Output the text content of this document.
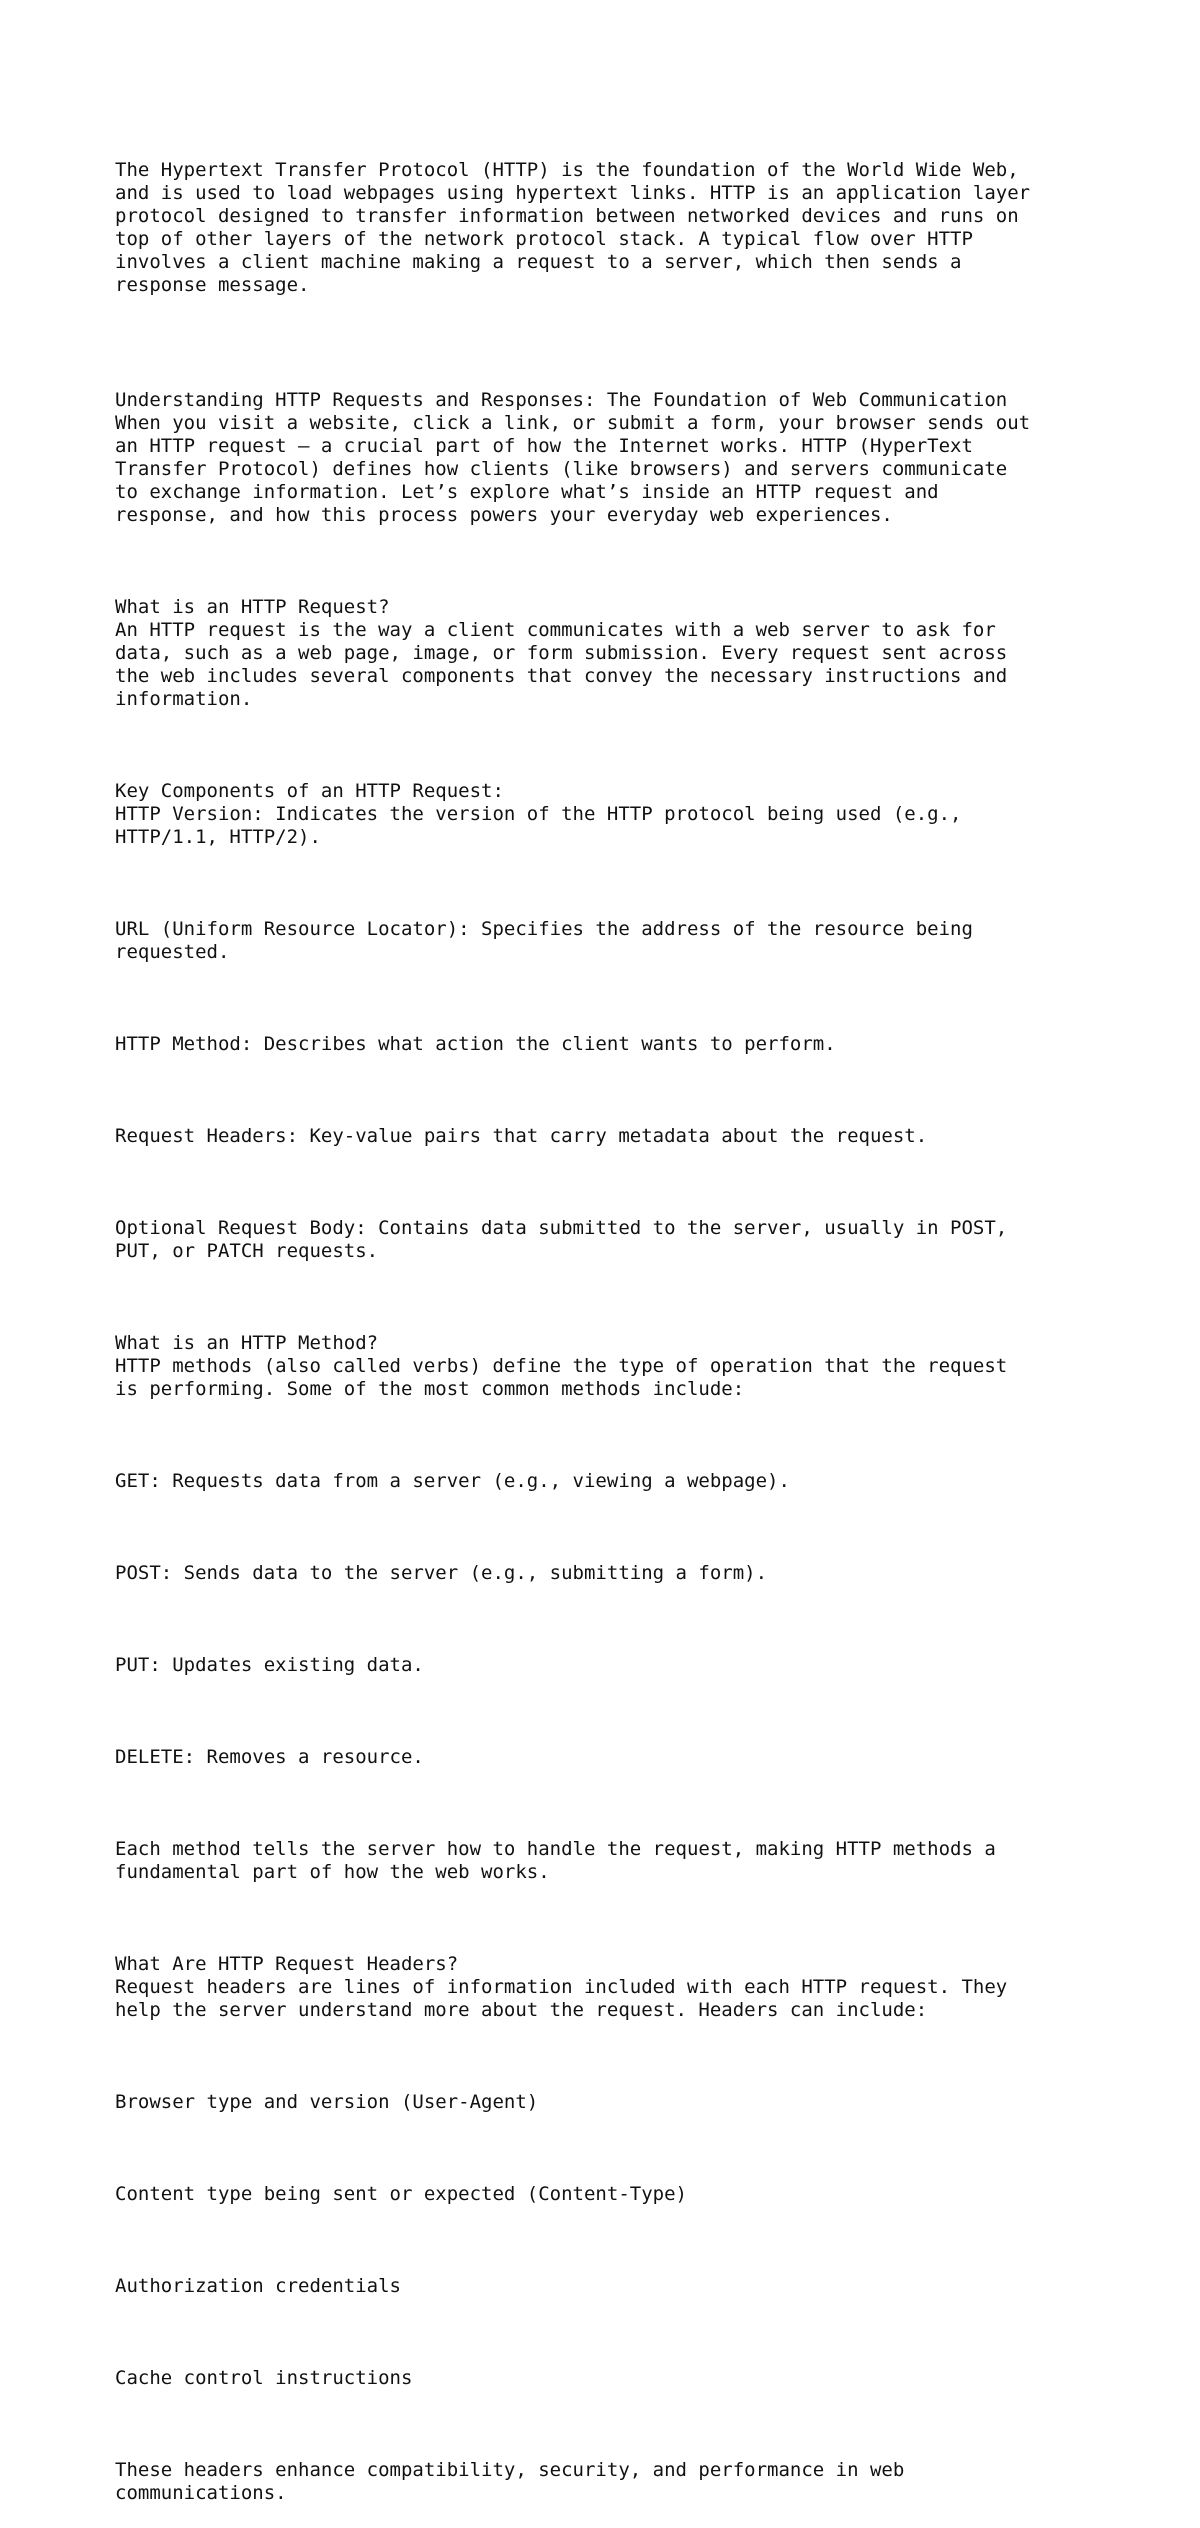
The Hypertext Transfer Protocol (HTTP) is the foundation of the World Wide Web,
and is used to load webpages using hypertext links. HTTP is an application layer
protocol designed to transfer information between networked devices and runs on
top of other layers of the network protocol stack. A typical flow over HTTP
involves a client machine making a request to a server, which then sends a
response message.

Understanding HTTP Requests and Responses: The Foundation of Web Communication
When you visit a website, click a link, or submit a form, your browser sends out
an HTTP request — a crucial part of how the Internet works. HTTP (HyperText
Transfer Protocol) defines how clients (like browsers) and servers communicate
to exchange information. Let’s explore what’s inside an HTTP request and
response, and how this process powers your everyday web experiences.

What is an HTTP Request?
An HTTP request is the way a client communicates with a web server to ask for
data, such as a web page, image, or form submission. Every request sent across
the web includes several components that convey the necessary instructions and
information.

Key Components of an HTTP Request:
HTTP Version: Indicates the version of the HTTP protocol being used (e.g.,
HTTP/1.1, HTTP/2).

URL (Uniform Resource Locator): Specifies the address of the resource being
requested.

HTTP Method: Describes what action the client wants to perform.

Request Headers: Key-value pairs that carry metadata about the request.

Optional Request Body: Contains data submitted to the server, usually in POST,
PUT, or PATCH requests.

What is an HTTP Method?
HTTP methods (also called verbs) define the type of operation that the request
is performing. Some of the most common methods include:

GET: Requests data from a server (e.g., viewing a webpage).

POST: Sends data to the server (e.g., submitting a form).

PUT: Updates existing data.

DELETE: Removes a resource.

Each method tells the server how to handle the request, making HTTP methods a
fundamental part of how the web works.

What Are HTTP Request Headers?
Request headers are lines of information included with each HTTP request. They
help the server understand more about the request. Headers can include:

Browser type and version (User-Agent)

Content type being sent or expected (Content-Type)

Authorization credentials

Cache control instructions

These headers enhance compatibility, security, and performance in web
communications.
